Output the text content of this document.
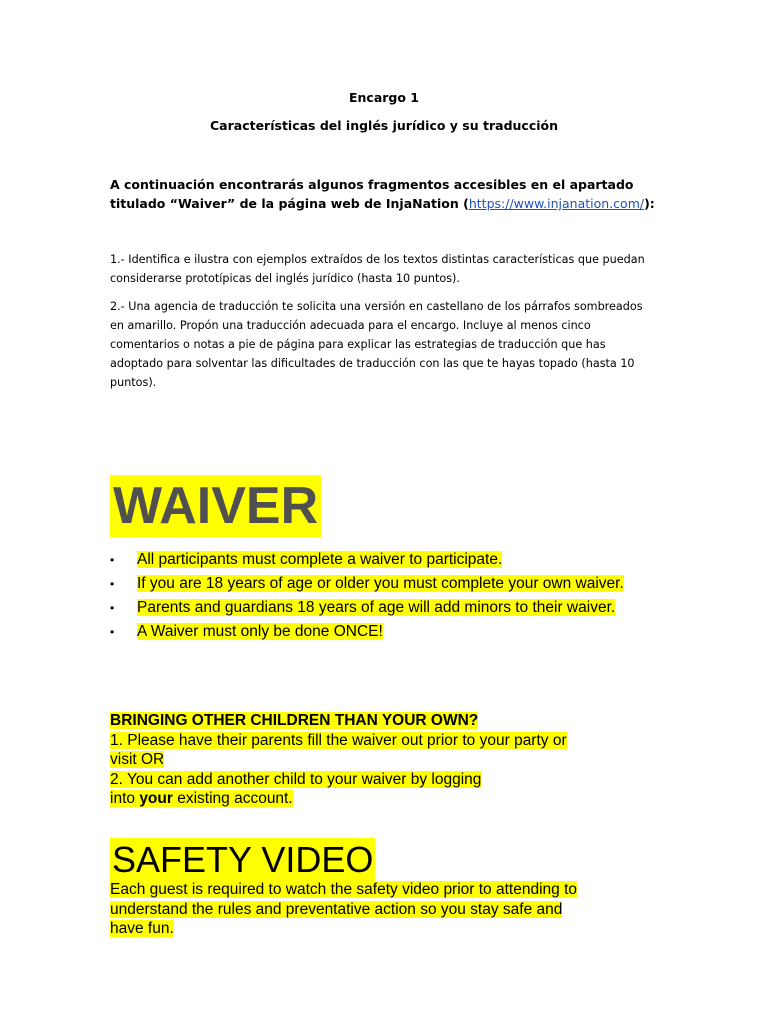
Encargo 1
Características del inglés jurídico y su traducción
A continuación encontrarás algunos fragmentos accesibles en el apartado titulado “Waiver” de la página web de InjaNation (https://www.injanation.com/):
1.- Identifica e ilustra con ejemplos extraídos de los textos distintas características que puedan considerarse prototípicas del inglés jurídico (hasta 10 puntos).
2.- Una agencia de traducción te solicita una versión en castellano de los párrafos sombreados en amarillo. Propón una traducción adecuada para el encargo. Incluye al menos cinco comentarios o notas a pie de página para explicar las estrategias de traducción que has adoptado para solventar las dificultades de traducción con las que te hayas topado (hasta 10 puntos).
WAIVER
• All participants must complete a waiver to participate.
• If you are 18 years of age or older you must complete your own waiver.
• Parents and guardians 18 years of age will add minors to their waiver.
• A Waiver must only be done ONCE!
BRINGING OTHER CHILDREN THAN YOUR OWN?
1. Please have their parents fill the waiver out prior to your party or
visit OR
2. You can add another child to your waiver by logging
into your existing account.
SAFETY VIDEO
Each guest is required to watch the safety video prior to attending to
understand the rules and preventative action so you stay safe and
have fun.
